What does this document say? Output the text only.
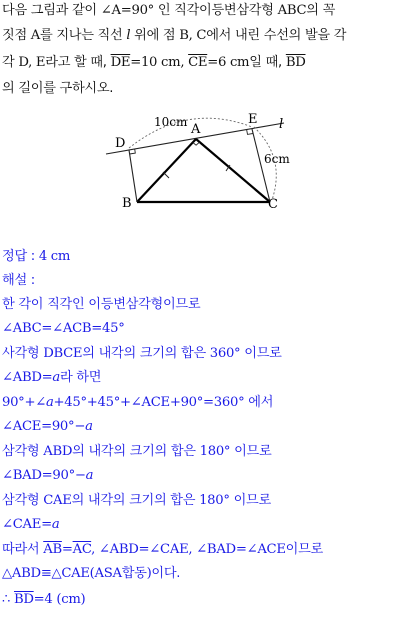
다음 그림과 같이 ∠A=90° 인 직각이등변삼각형 ABC의 꼭
짓점 A를 지나는 직선 l 위에 점 B, C에서 내린 수선의 발을 각
각 D, E라고 할 때, $\overline{DE}=10$ cm, $\overline{CE}=6$ cm일 때, $\overline{BD}$
의 길이를 구하시오.
D
A
E l
B	C
10cm
6cm
정답 : 4 cm
해설 :
한 각이 직각인 이등변삼각형이므로
∠ABC=∠ACB=45°
사각형 DBCE의 내각의 크기의 합은 360° 이므로
∠ABD=a라 하면
90°+∠a+45°+45°+∠ACE+90°=360° 에서
∠ACE=90°−a
삼각형 ABD의 내각의 크기의 합은 180° 이므로
∠BAD=90°−a
삼각형 CAE의 내각의 크기의 합은 180° 이므로
∠CAE=a
따라서 $\overline{AB}=\overline{AC}$, ∠ABD=∠CAE, ∠BAD=∠ACE이므로
△ABD≡△CAE(ASA합동)이다.
∴ $\overline{BD}=4$ (cm)
